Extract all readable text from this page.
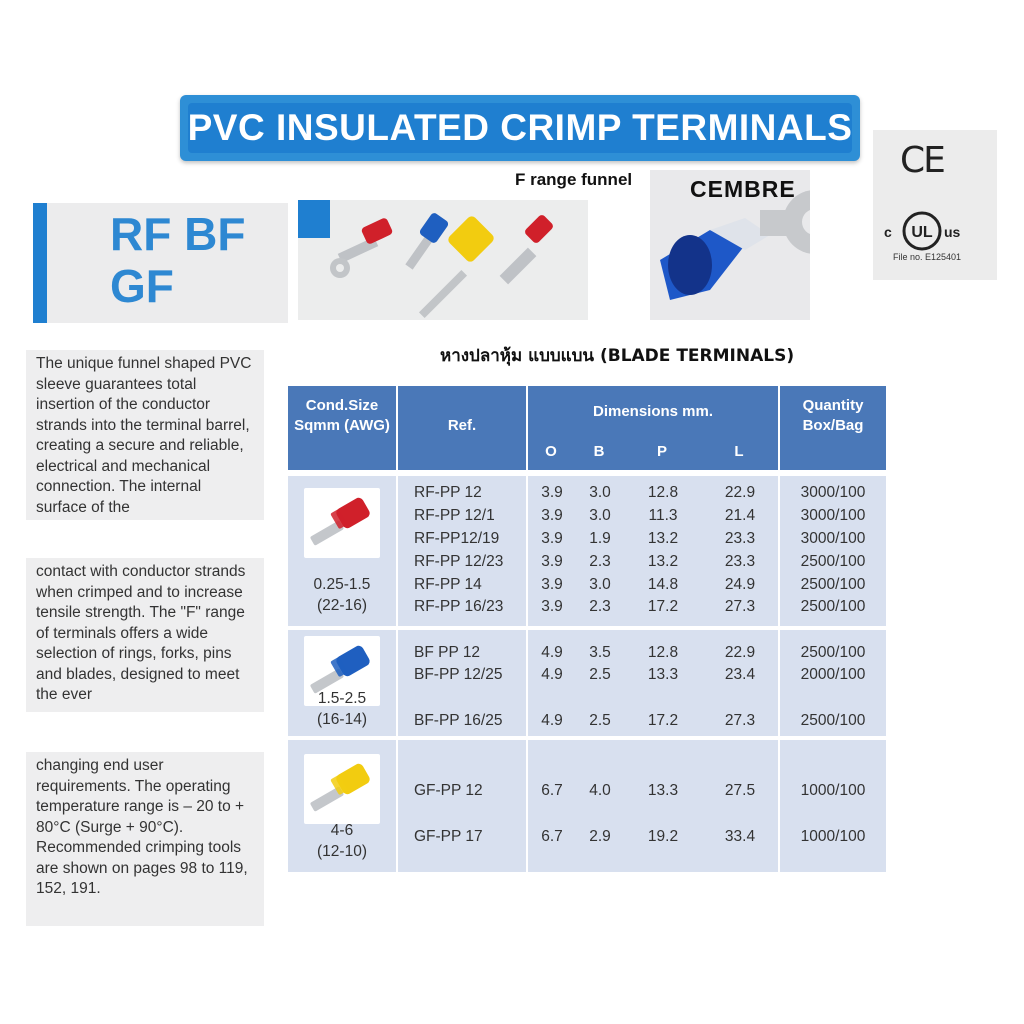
PVC INSULATED CRIMP TERMINALS
F range funnel	CEMBRE
CE
c UL us
File no. E125401
RF BF
GF
The unique funnel shaped PVC sleeve guarantees total insertion of the conductor strands into the terminal barrel, creating a secure and reliable, electrical and mechanical connection. The internal surface of the
contact with conductor strands when crimped and to increase tensile strength. The "F" range of terminals offers a wide selection of rings, forks, pins and blades, designed to meet the ever
changing end user requirements. The operating temperature range is – 20 to + 80°C (Surge + 90°C). Recommended crimping tools are shown on pages 98 to 119, 152, 191.
หางปลาหุ้ม แบบแบน (BLADE TERMINALS)
Cond.Size Sqmm (AWG)	Ref.
Dimensions mm.
O	B	P	L
Quantity Box/Bag
0.25-1.5
(22-16)
RF-PP 12	3.9	3.0	12.8	22.9	3000/100
RF-PP 12/1	3.9	3.0	11.3	21.4	3000/100
RF-PP12/19	3.9	1.9	13.2	23.3	3000/100
RF-PP 12/23	3.9	2.3	13.2	23.3	2500/100
RF-PP 14	3.9	3.0	14.8	24.9	2500/100
RF-PP 16/23	3.9	2.3	17.2	27.3	2500/100
1.5-2.5
(16-14)
BF PP 12	4.9	3.5	12.8	22.9	2500/100
BF-PP 12/25	4.9	2.5	13.3	23.4	2000/100
BF-PP 16/25	4.9	2.5	17.2	27.3	2500/100
4-6
(12-10)
GF-PP 12	6.7	4.0	13.3	27.5	1000/100
GF-PP 17	6.7	2.9	19.2	33.4	1000/100
